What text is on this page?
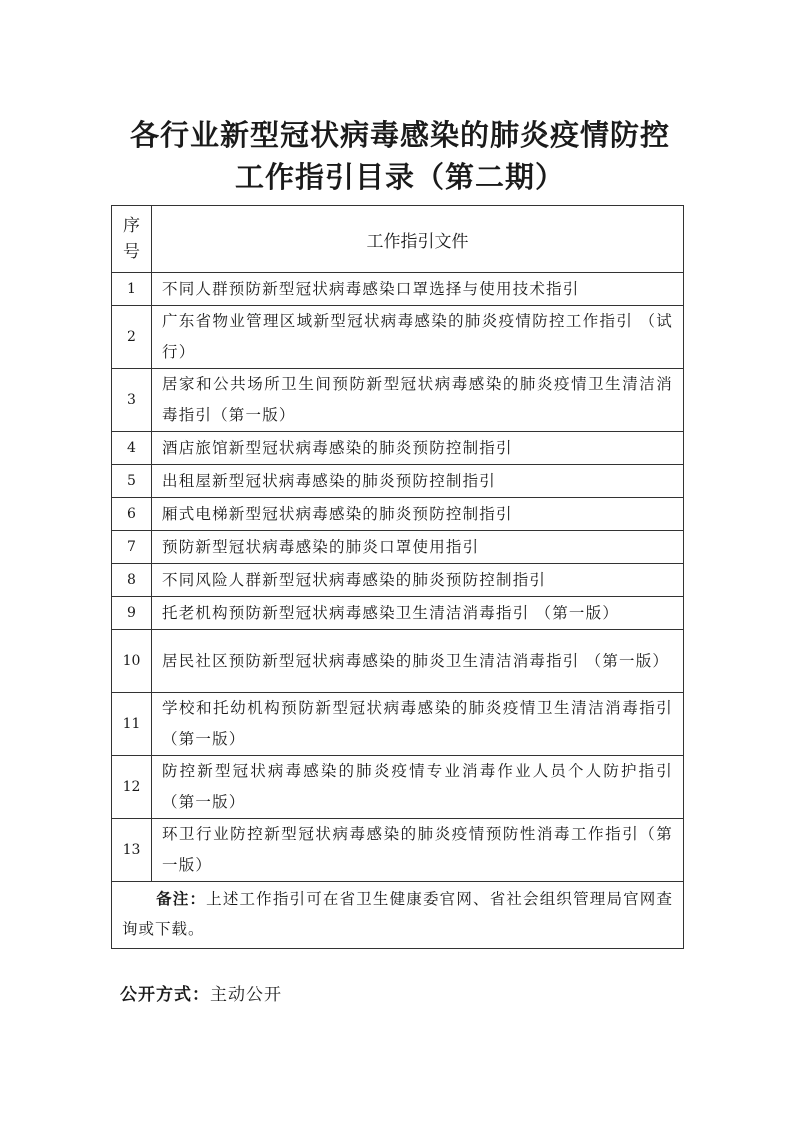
各行业新型冠状病毒感染的肺炎疫情防控
工作指引目录（第二期）
序
号	工作指引文件
1	不同人群预防新型冠状病毒感染口罩选择与使用技术指引
2	广东省物业管理区域新型冠状病毒感染的肺炎疫情防控工作指引 （试行）
3	居家和公共场所卫生间预防新型冠状病毒感染的肺炎疫情卫生清洁消毒指引（第一版）
4	酒店旅馆新型冠状病毒感染的肺炎预防控制指引
5	出租屋新型冠状病毒感染的肺炎预防控制指引
6	厢式电梯新型冠状病毒感染的肺炎预防控制指引
7	预防新型冠状病毒感染的肺炎口罩使用指引
8	不同风险人群新型冠状病毒感染的肺炎预防控制指引
9	托老机构预防新型冠状病毒感染卫生清洁消毒指引 （第一版）
10	居民社区预防新型冠状病毒感染的肺炎卫生清洁消毒指引 （第一版）
11	学校和托幼机构预防新型冠状病毒感染的肺炎疫情卫生清洁消毒指引 （第一版）
12	防控新型冠状病毒感染的肺炎疫情专业消毒作业人员个人防护指引（第一版）
13	环卫行业防控新型冠状病毒感染的肺炎疫情预防性消毒工作指引（第一版）
备注：上述工作指引可在省卫生健康委官网、省社会组织管理局官网查询或下载。	
公开方式：主动公开
